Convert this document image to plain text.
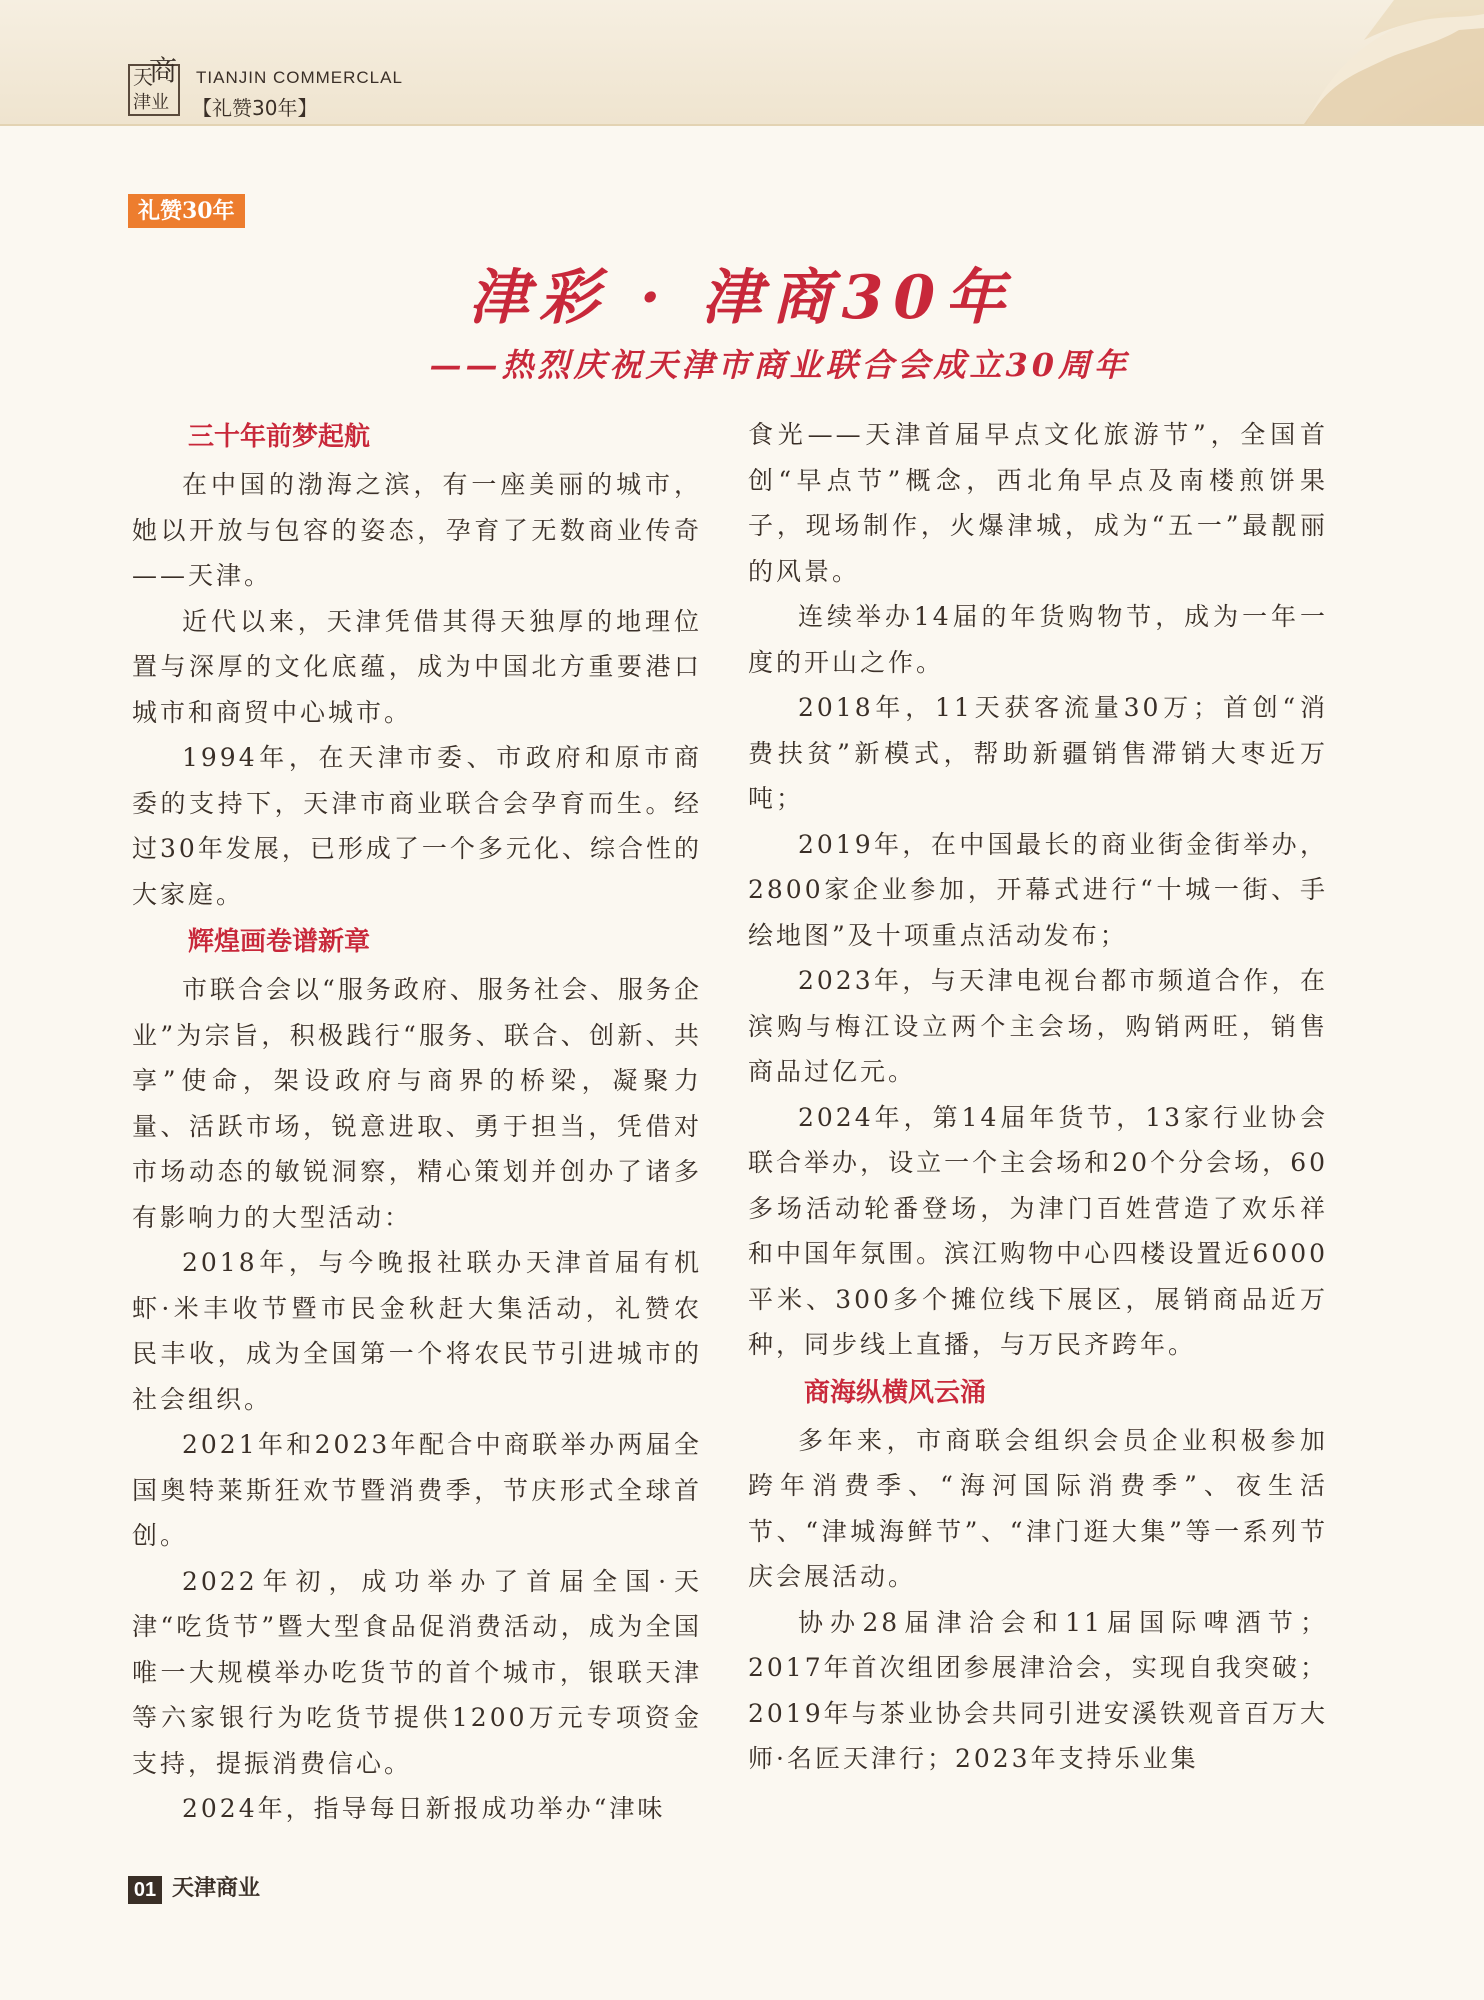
天
商
津业
TIANJIN COMMERCLAL
【礼赞30年】
礼赞30年
津彩 · 津商30年
——热烈庆祝天津市商业联合会成立30周年
三十年前梦起航

在中国的渤海之滨，有一座美丽的城市，她以开放与包容的姿态，孕育了无数商业传奇——天津。

近代以来，天津凭借其得天独厚的地理位置与深厚的文化底蕴，成为中国北方重要港口城市和商贸中心城市。

1994年，在天津市委、市政府和原市商委的支持下，天津市商业联合会孕育而生。经过30年发展，已形成了一个多元化、综合性的大家庭。

辉煌画卷谱新章

市联合会以“服务政府、服务社会、服务企业”为宗旨，积极践行“服务、联合、创新、共享”使命，架设政府与商界的桥梁，凝聚力量、活跃市场，锐意进取、勇于担当，凭借对市场动态的敏锐洞察，精心策划并创办了诸多有影响力的大型活动：

2018年，与今晚报社联办天津首届有机虾·米丰收节暨市民金秋赶大集活动，礼赞农民丰收，成为全国第一个将农民节引进城市的社会组织。

2021年和2023年配合中商联举办两届全国奥特莱斯狂欢节暨消费季，节庆形式全球首创。

2022年初，成功举办了首届全国·天津“吃货节”暨大型食品促消费活动，成为全国唯一大规模举办吃货节的首个城市，银联天津等六家银行为吃货节提供1200万元专项资金支持，提振消费信心。

2024年，指导每日新报成功举办“津味

食光——天津首届早点文化旅游节”，全国首创“早点节”概念，西北角早点及南楼煎饼果子，现场制作，火爆津城，成为“五一”最靓丽的风景。

连续举办14届的年货购物节，成为一年一度的开山之作。

2018年，11天获客流量30万；首创“消费扶贫”新模式，帮助新疆销售滞销大枣近万吨；

2019年，在中国最长的商业街金街举办，2800家企业参加，开幕式进行“十城一街、手绘地图”及十项重点活动发布；

2023年，与天津电视台都市频道合作，在滨购与梅江设立两个主会场，购销两旺，销售商品过亿元。

2024年，第14届年货节，13家行业协会联合举办，设立一个主会场和20个分会场，60多场活动轮番登场，为津门百姓营造了欢乐祥和中国年氛围。滨江购物中心四楼设置近6000平米、300多个摊位线下展区，展销商品近万种，同步线上直播，与万民齐跨年。

商海纵横风云涌

多年来，市商联会组织会员企业积极参加跨年消费季、“海河国际消费季”、夜生活节、“津城海鲜节”、“津门逛大集”等一系列节庆会展活动。

协办28届津洽会和11届国际啤酒节；2017年首次组团参展津洽会，实现自我突破；2019年与茶业协会共同引进安溪铁观音百万大师·名匠天津行；2023年支持乐业集

01 天津商业
